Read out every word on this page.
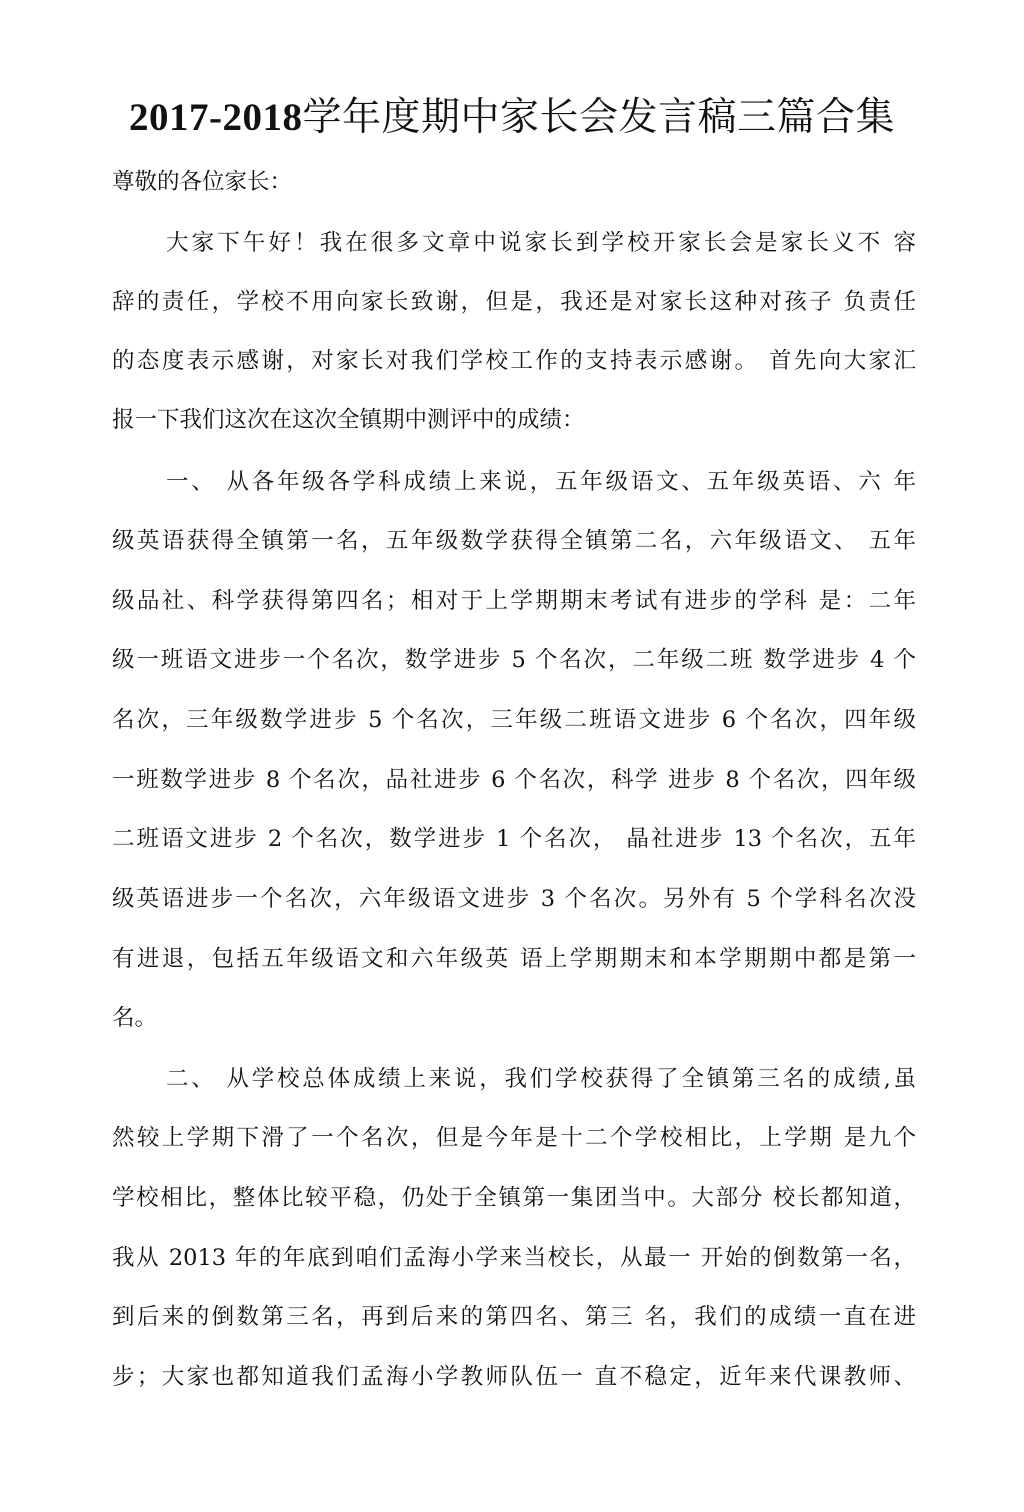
2017-2018学年度期中家长会发言稿三篇合集
尊敬的各位家长：
大家下午好！我在很多文章中说家长到学校开家长会是家长义不 容
辞的责任，学校不用向家长致谢，但是，我还是对家长这种对孩子 负责任
的态度表示感谢，对家长对我们学校工作的支持表示感谢。 首先向大家汇
报一下我们这次在这次全镇期中测评中的成绩：
一、 从各年级各学科成绩上来说，五年级语文、五年级英语、六 年
级英语获得全镇第一名，五年级数学获得全镇第二名，六年级语文、 五年
级品社、科学获得第四名；相对于上学期期末考试有进步的学科 是：二年
级一班语文进步一个名次，数学进步 5 个名次，二年级二班 数学进步 4 个
名次，三年级数学进步 5 个名次，三年级二班语文进步 6 个名次，四年级
一班数学进步 8 个名次，品社进步 6 个名次，科学 进步 8 个名次，四年级
二班语文进步 2 个名次，数学进步 1 个名次， 晶社进步 13 个名次，五年
级英语进步一个名次，六年级语文进步 3 个名次。另外有 5 个学科名次没
有进退，包括五年级语文和六年级英 语上学期期末和本学期期中都是第一
名。
二、 从学校总体成绩上来说，我们学校获得了全镇第三名的成绩,虽
然较上学期下滑了一个名次，但是今年是十二个学校相比，上学期 是九个
学校相比，整体比较平稳，仍处于全镇第一集团当中。大部分 校长都知道，
我从 2013 年的年底到咱们孟海小学来当校长，从最一 开始的倒数第一名，
到后来的倒数第三名，再到后来的第四名、第三 名，我们的成绩一直在进
步；大家也都知道我们孟海小学教师队伍一 直不稳定，近年来代课教师、
